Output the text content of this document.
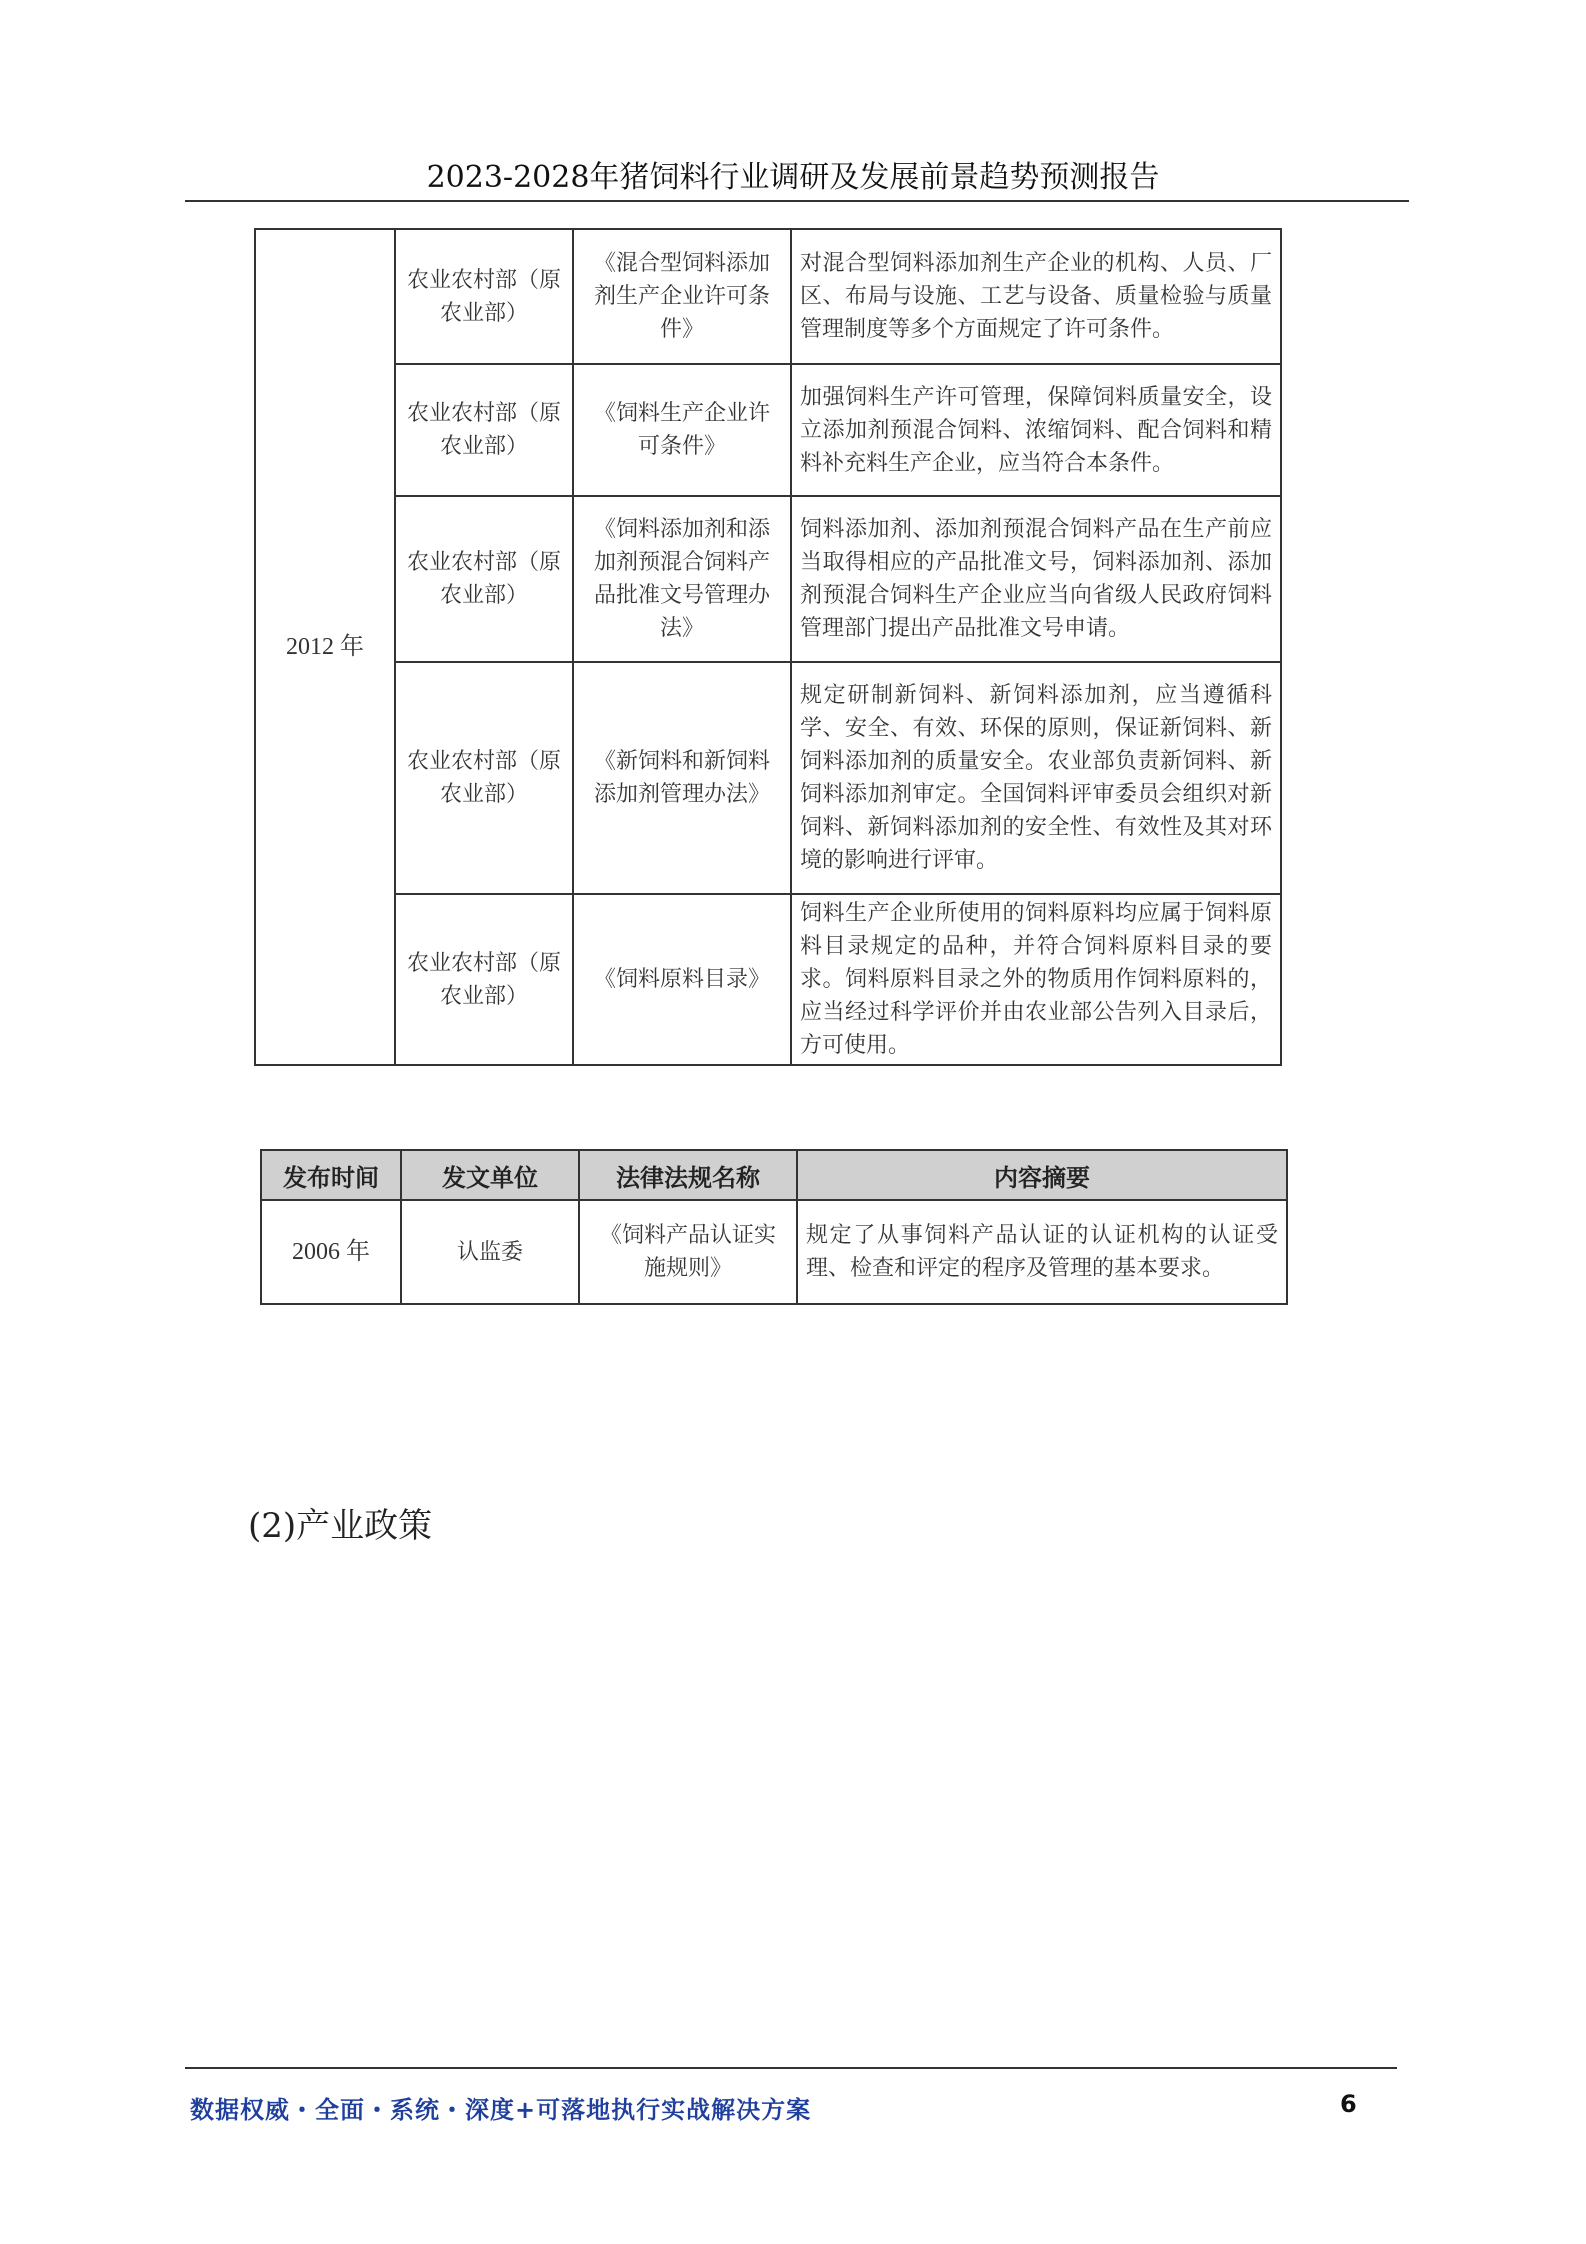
2023-2028年猪饲料行业调研及发展前景趋势预测报告
2012 年	农业农村部（原农业部）	《混合型饲料添加剂生产企业许可条件》	对混合型饲料添加剂生产企业的机构、人员、厂区、布局与设施、工艺与设备、质量检验与质量管理制度等多个方面规定了许可条件。
	农业农村部（原农业部）	《饲料生产企业许可条件》	加强饲料生产许可管理，保障饲料质量安全，设立添加剂预混合饲料、浓缩饲料、配合饲料和精料补充料生产企业，应当符合本条件。
	农业农村部（原农业部）	《饲料添加剂和添加剂预混合饲料产品批准文号管理办法》	饲料添加剂、添加剂预混合饲料产品在生产前应当取得相应的产品批准文号，饲料添加剂、添加剂预混合饲料生产企业应当向省级人民政府饲料管理部门提出产品批准文号申请。
	农业农村部（原农业部）	《新饲料和新饲料添加剂管理办法》	规定研制新饲料、新饲料添加剂，应当遵循科学、安全、有效、环保的原则，保证新饲料、新饲料添加剂的质量安全。农业部负责新饲料、新饲料添加剂审定。全国饲料评审委员会组织对新饲料、新饲料添加剂的安全性、有效性及其对环境的影响进行评审。
	农业农村部（原农业部）	《饲料原料目录》	饲料生产企业所使用的饲料原料均应属于饲料原料目录规定的品种，并符合饲料原料目录的要求。饲料原料目录之外的物质用作饲料原料的，应当经过科学评价并由农业部公告列入目录后，方可使用。
发布时间	发文单位	法律法规名称	内容摘要
2006 年	认监委	《饲料产品认证实施规则》	规定了从事饲料产品认证的认证机构的认证受理、检查和评定的程序及管理的基本要求。
(2)产业政策
数据权威・全面・系统・深度+可落地执行实战解决方案	6
